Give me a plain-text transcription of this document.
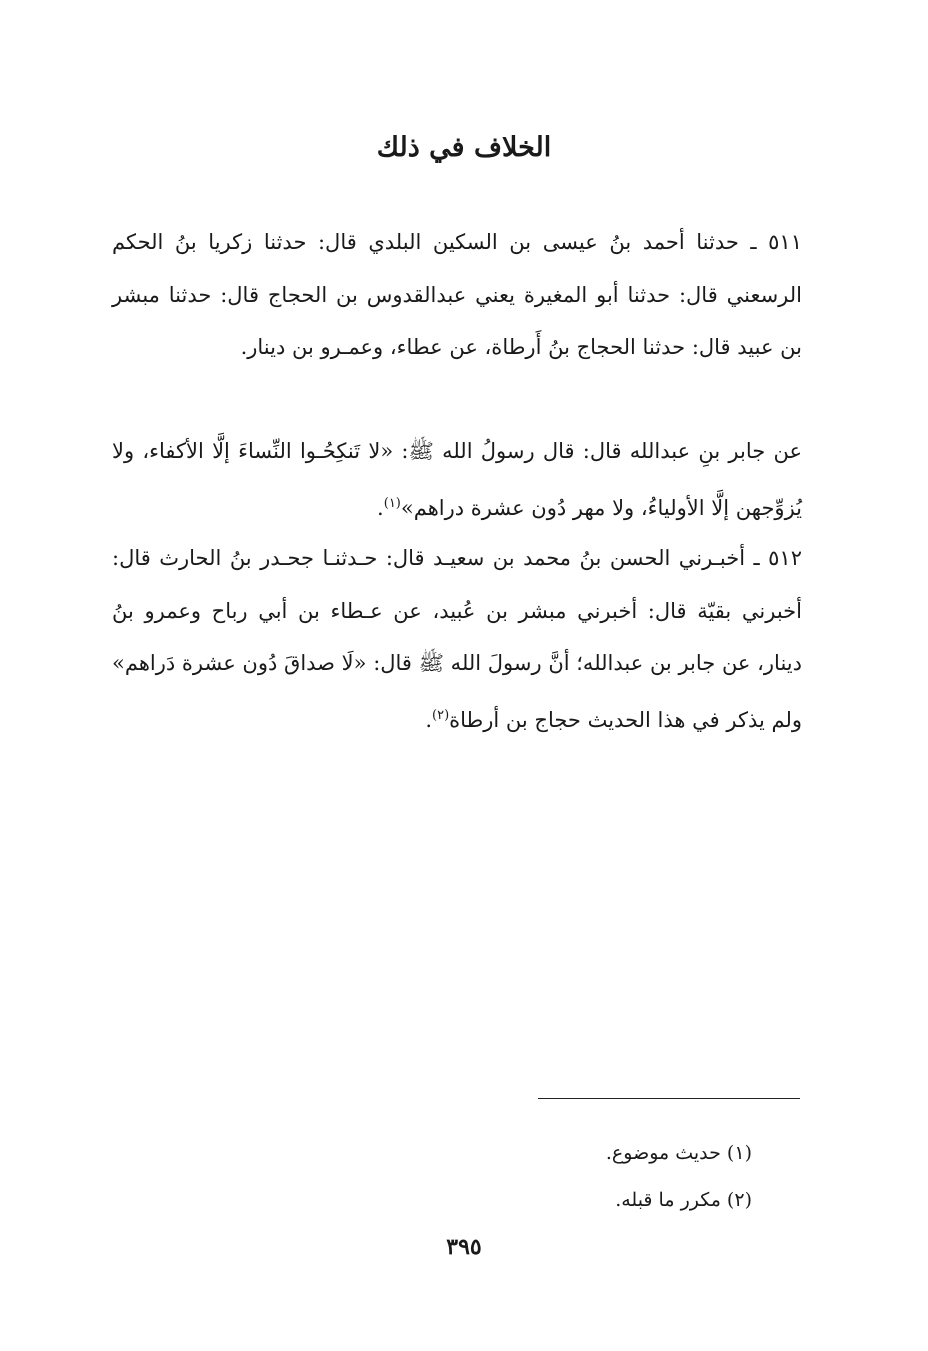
الخلاف في ذلك

٥١١ ـ حدثنا أحمد بنُ عيسى بن السكين البلدي قال: حدثنا زكريا بنُ الحكم الرسعني قال: حدثنا أبو المغيرة يعني عبدالقدوس بن الحجاج قال: حدثنا مبشر بن عبيد قال: حدثنا الحجاج بنُ أَرطاة، عن عطاء، وعمـرو بن دينار.

عن جابر بنِ عبدالله قال: قال رسولُ الله ﷺ: «لا تَنكِحُـوا النِّساءَ إلَّا الأكفاء، ولا يُزوِّجهن إلَّا الأولياءُ، ولا مهر دُون عشرة دراهم»$^{(١)}$.

٥١٢ ـ أخبـرني الحسن بنُ محمد بن سعيـد قال: حـدثنـا جحـدر بنُ الحارث قال: أخبرني بقيّة قال: أخبرني مبشر بن عُبيد، عن عـطاء بن أبي رباح وعمرو بنُ دينار، عن جابر بن عبدالله؛ أنَّ رسولَ الله ﷺ قال: «لَا صداقَ دُون عشرة دَراهم» ولم يذكر في هذا الحديث حجاج بن أرطاة$^{(٢)}$.

(١) حديث موضوع.

(٢) مكرر ما قبله.

٣٩٥
